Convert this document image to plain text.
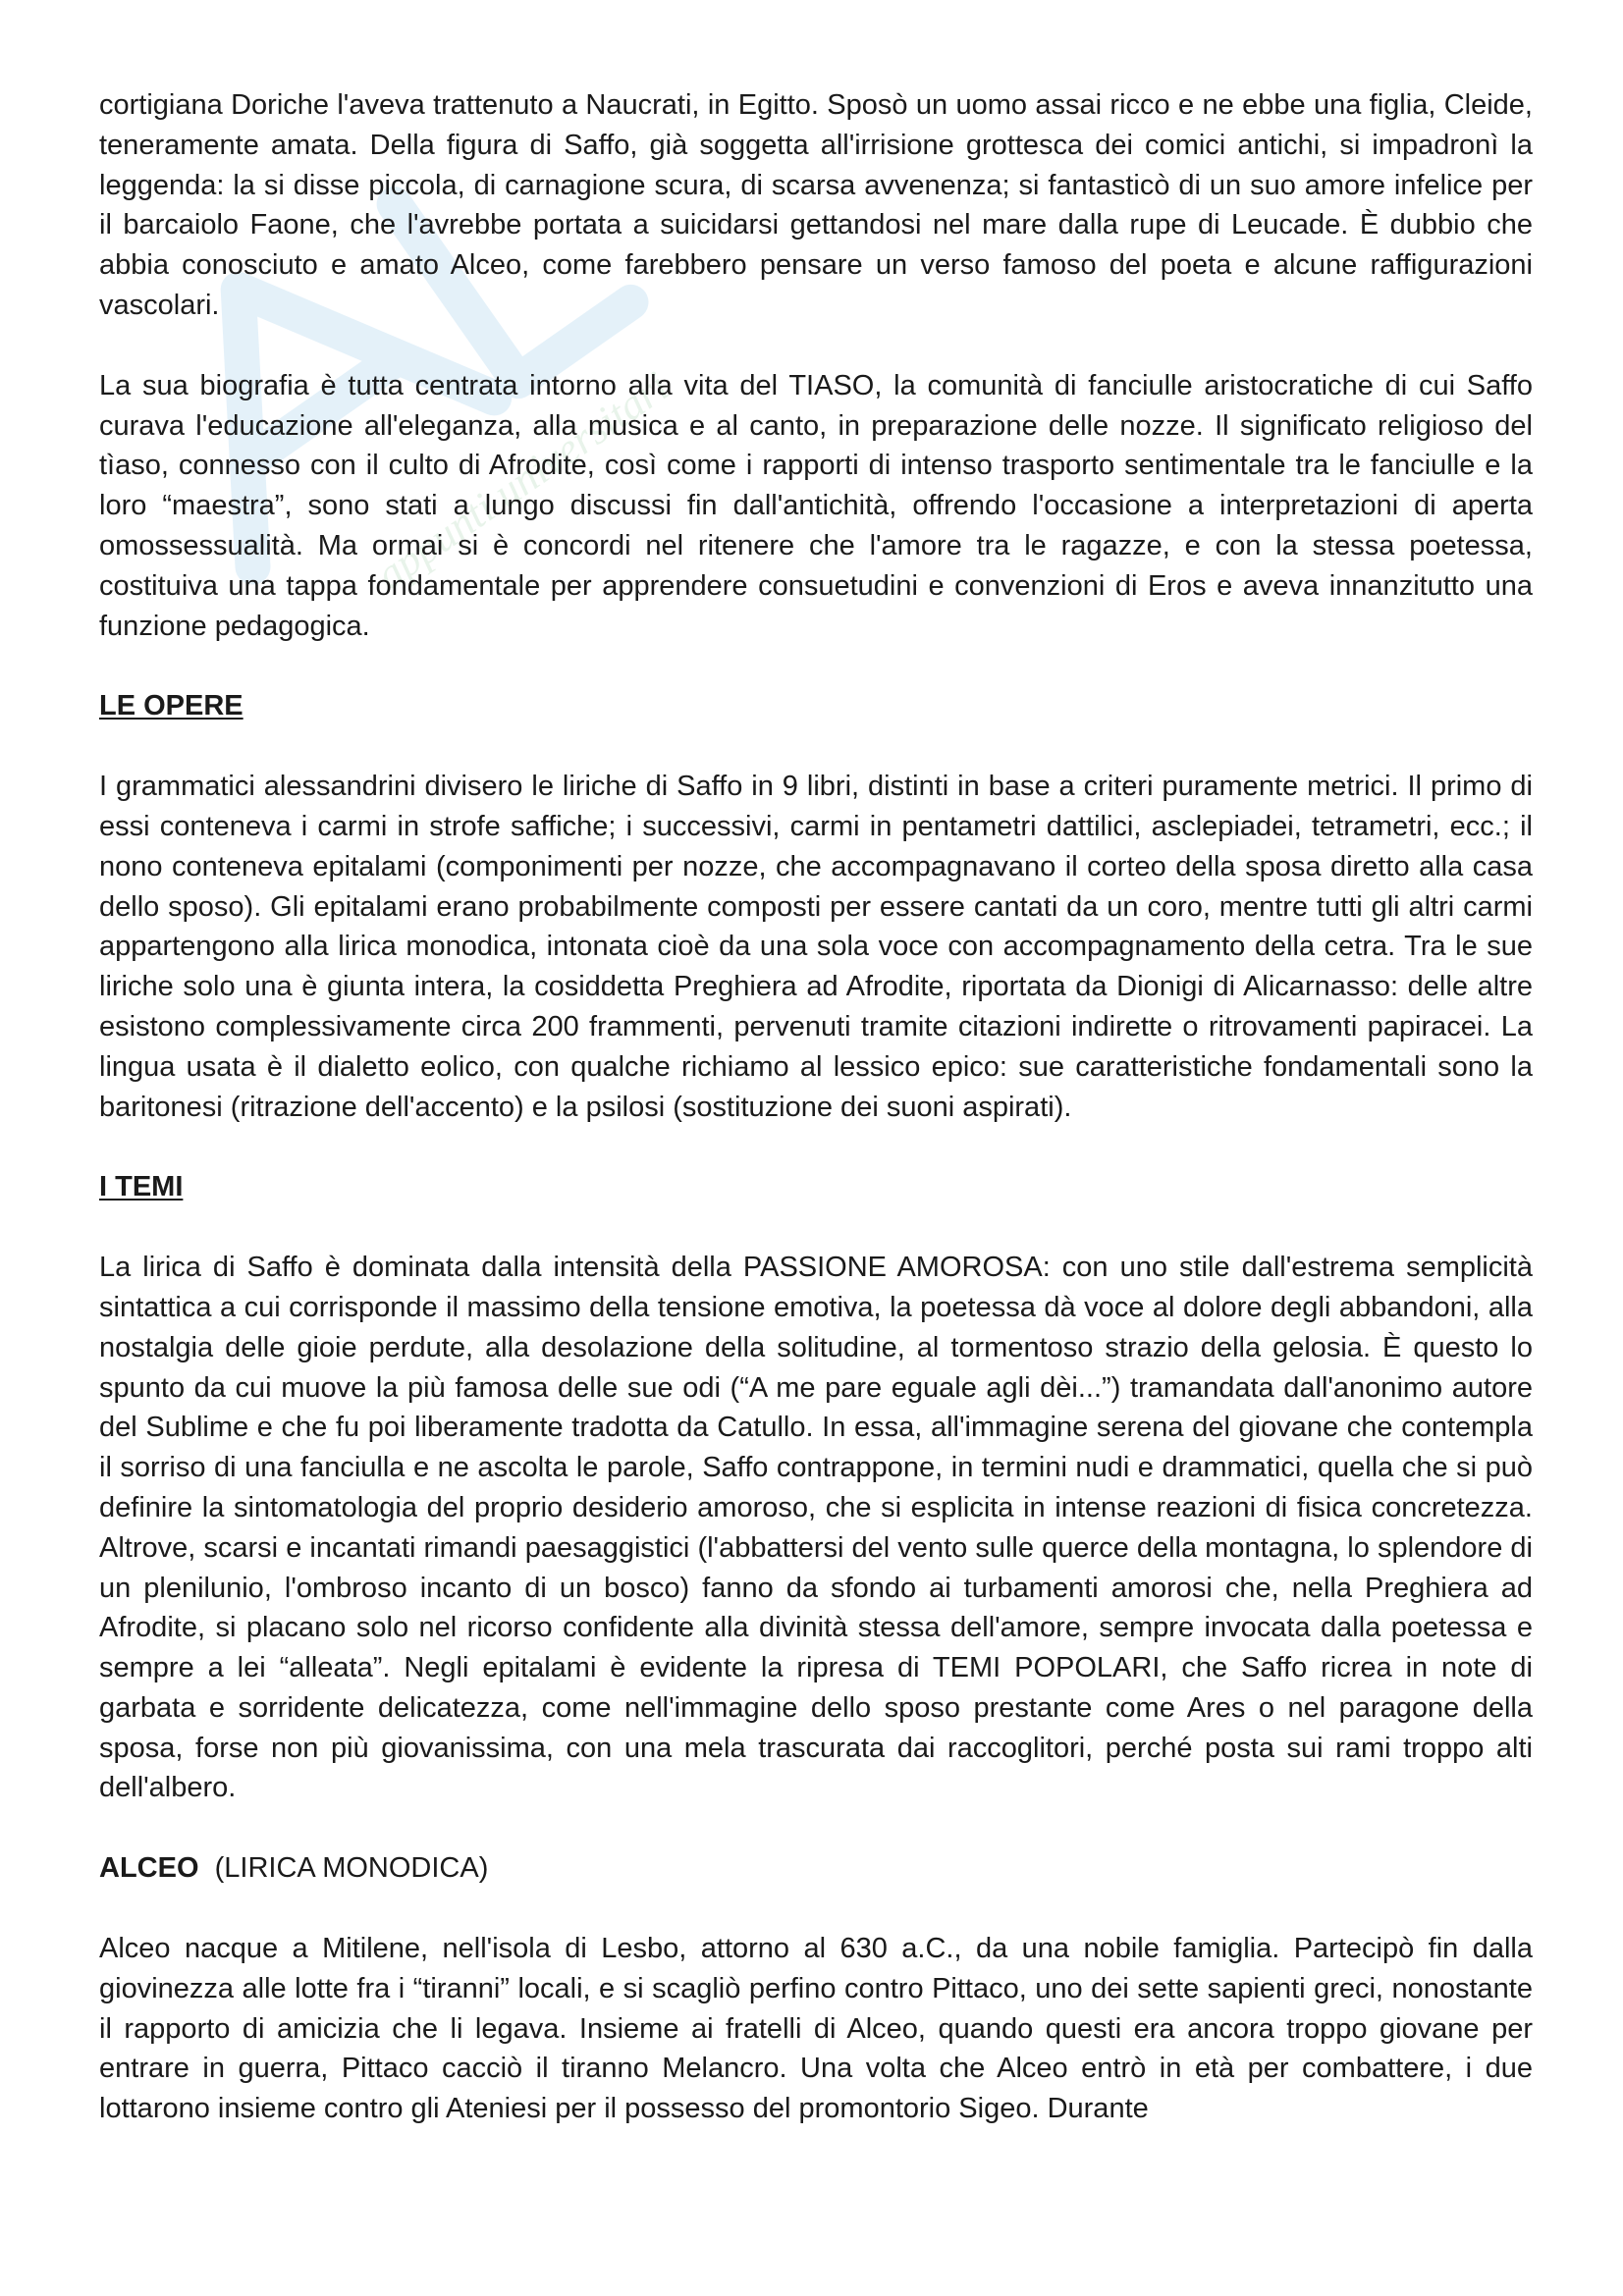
appunti universitari

cortigiana Doriche l'aveva trattenuto a Naucrati, in Egitto. Sposò un uomo assai ricco e ne ebbe una figlia, Cleide, teneramente amata. Della figura di Saffo, già soggetta all'irrisione grottesca dei comici antichi, si impadronì la leggenda: la si disse piccola, di carnagione scura, di scarsa avvenenza; si fantasticò di un suo amore infelice per il barcaiolo Faone, che l'avrebbe portata a suicidarsi gettandosi nel mare dalla rupe di Leucade. È dubbio che abbia conosciuto e amato Alceo, come farebbero pensare un verso famoso del poeta e alcune raffigurazioni vascolari.

La sua biografia è tutta centrata intorno alla vita del TIASO, la comunità di fanciulle aristocratiche di cui Saffo curava l'educazione all'eleganza, alla musica e al canto, in preparazione delle nozze. Il significato religioso del tìaso, connesso con il culto di Afrodite, così come i rapporti di intenso trasporto sentimentale tra le fanciulle e la loro “maestra”, sono stati a lungo discussi fin dall'antichità, offrendo l'occasione a interpretazioni di aperta omossessualità. Ma ormai si è concordi nel ritenere che l'amore tra le ragazze, e con la stessa poetessa, costituiva una tappa fondamentale per apprendere consuetudini e convenzioni di Eros e aveva innanzitutto una funzione pedagogica.

LE OPERE

I grammatici alessandrini divisero le liriche di Saffo in 9 libri, distinti in base a criteri puramente metrici. Il primo di essi conteneva i carmi in strofe saffiche; i successivi, carmi in pentametri dattilici, asclepiadei, tetrametri, ecc.; il nono conteneva epitalami (componimenti per nozze, che accompagnavano il corteo della sposa diretto alla casa dello sposo). Gli epitalami erano probabilmente composti per essere cantati da un coro, mentre tutti gli altri carmi appartengono alla lirica monodica, intonata cioè da una sola voce con accompagnamento della cetra. Tra le sue liriche solo una è giunta intera, la cosiddetta Preghiera ad Afrodite, riportata da Dionigi di Alicarnasso: delle altre esistono complessivamente circa 200 frammenti, pervenuti tramite citazioni indirette o ritrovamenti papiracei. La lingua usata è il dialetto eolico, con qualche richiamo al lessico epico: sue caratteristiche fondamentali sono la baritonesi (ritrazione dell'accento) e la psilosi (sostituzione dei suoni aspirati).

I TEMI

La lirica di Saffo è dominata dalla intensità della PASSIONE AMOROSA: con uno stile dall'estrema semplicità sintattica a cui corrisponde il massimo della tensione emotiva, la poetessa dà voce al dolore degli abbandoni, alla nostalgia delle gioie perdute, alla desolazione della solitudine, al tormentoso strazio della gelosia. È questo lo spunto da cui muove la più famosa delle sue odi (“A me pare eguale agli dèi...”) tramandata dall'anonimo autore del Sublime e che fu poi liberamente tradotta da Catullo. In essa, all'immagine serena del giovane che contempla il sorriso di una fanciulla e ne ascolta le parole, Saffo contrappone, in termini nudi e drammatici, quella che si può definire la sintomatologia del proprio desiderio amoroso, che si esplicita in intense reazioni di fisica concretezza. Altrove, scarsi e incantati rimandi paesaggistici (l'abbattersi del vento sulle querce della montagna, lo splendore di un plenilunio, l'ombroso incanto di un bosco) fanno da sfondo ai turbamenti amorosi che, nella Preghiera ad Afrodite, si placano solo nel ricorso confidente alla divinità stessa dell'amore, sempre invocata dalla poetessa e sempre a lei “alleata”. Negli epitalami è evidente la ripresa di TEMI POPOLARI, che Saffo ricrea in note di garbata e sorridente delicatezza, come nell'immagine dello sposo prestante come Ares o nel paragone della sposa, forse non più giovanissima, con una mela trascurata dai raccoglitori, perché posta sui rami troppo alti dell'albero.

ALCEO (LIRICA MONODICA)

Alceo nacque a Mitilene, nell'isola di Lesbo, attorno al 630 a.C., da una nobile famiglia. Partecipò fin dalla giovinezza alle lotte fra i “tiranni” locali, e si scagliò perfino contro Pittaco, uno dei sette sapienti greci, nonostante il rapporto di amicizia che li legava. Insieme ai fratelli di Alceo, quando questi era ancora troppo giovane per entrare in guerra, Pittaco cacciò il tiranno Melancro. Una volta che Alceo entrò in età per combattere, i due lottarono insieme contro gli Ateniesi per il possesso del promontorio Sigeo. Durante
